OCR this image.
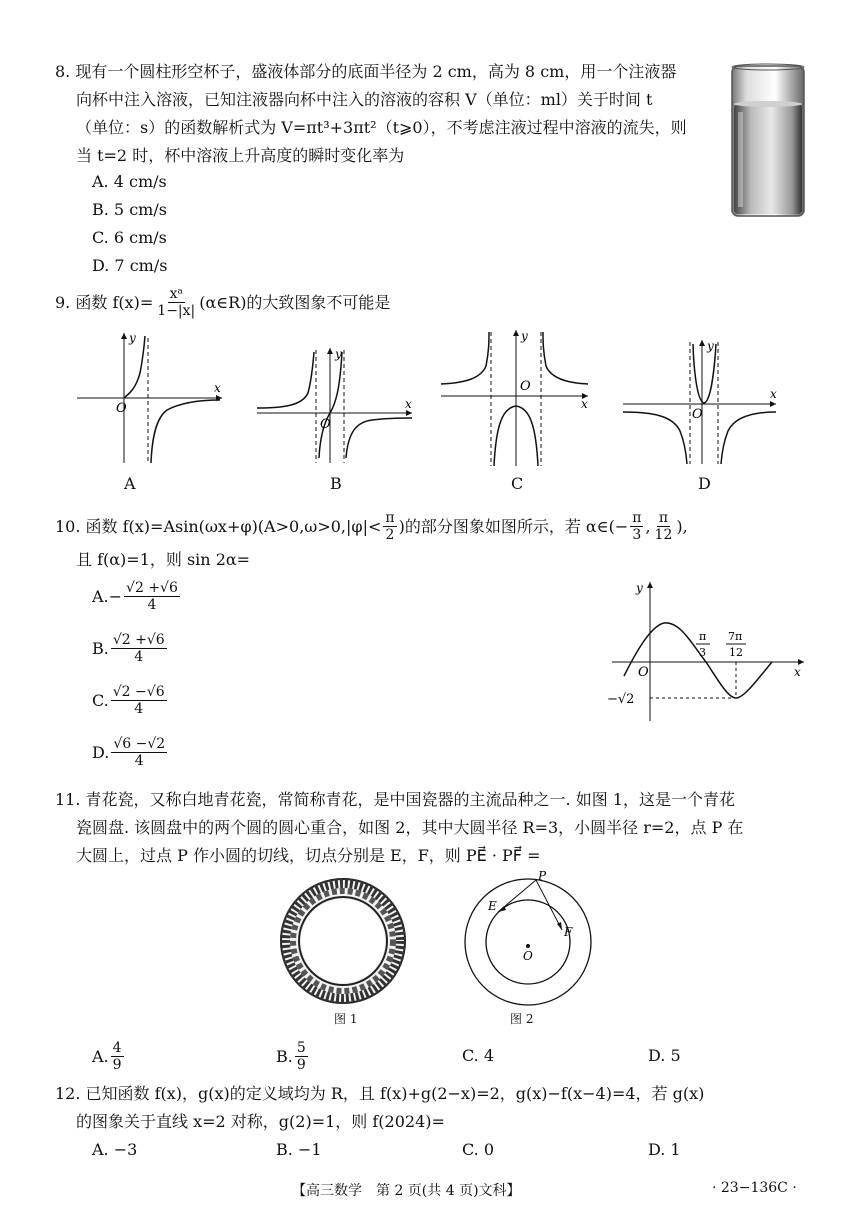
8. 现有一个圆柱形空杯子，盛液体部分的底面半径为 2 cm，高为 8 cm，用一个注液器
向杯中注入溶液，已知注液器向杯中注入的溶液的容积 V（单位：ml）关于时间 t
（单位：s）的函数解析式为 V=πt³+3πt²（t⩾0），不考虑注液过程中溶液的流失，则
当 t=2 时，杯中溶液上升高度的瞬时变化率为
A. 4 cm/s
B. 5 cm/s
C. 6 cm/s
D. 7 cm/s
9. 函数 $f(x)= \frac{\text{xᵃ}}{1-|x|}$ (α∈R)的大致图象不可能是
O
y
x
A
O
y
x
B
O
y
x
C
O
y
x
D
10. 函数 $f(x)=Asin(\omega x+\varphi)(A>0,\omega>0,|\varphi|< \frac{\pi}{2}$ )的部分图象如图所示，若 α∈(− $\frac{\pi}{3}$ , $\frac{\pi}{12}$ ),
且 f(α)=1，则 sin 2α=
A. − $\frac{√2 +√6}{4}$
B. $\frac{√2 +√6}{4}$
C. $\frac{√2 -√6}{4}$
D. $\frac{√6 -√2}{4}$
O
y
x
π
3
7π
12
−√2
11. 青花瓷，又称白地青花瓷，常简称青花，是中国瓷器的主流品种之一. 如图 1，这是一个青花
瓷圆盘. 该圆盘中的两个圆的圆心重合，如图 2，其中大圆半径 R=3，小圆半径 r=2，点 P 在
大圆上，过点 P 作小圆的切线，切点分别是 E，F，则 PE⃗ · PF⃗ =
图 1
P
E
F
O
图 2
A. $\frac{4}{9}$	B. $\frac{5}{9}$	C. 4	D. 5
12. 已知函数 f(x)，g(x)的定义域均为 R，且 f(x)+g(2−x)=2，g(x)−f(x−4)=4，若 g(x)
的图象关于直线 x=2 对称，g(2)=1，则 f(2024)=
A. −3	B. −1	C. 0	D. 1
【高三数学　第 2 页(共 4 页)文科】	· 23−136C ·
